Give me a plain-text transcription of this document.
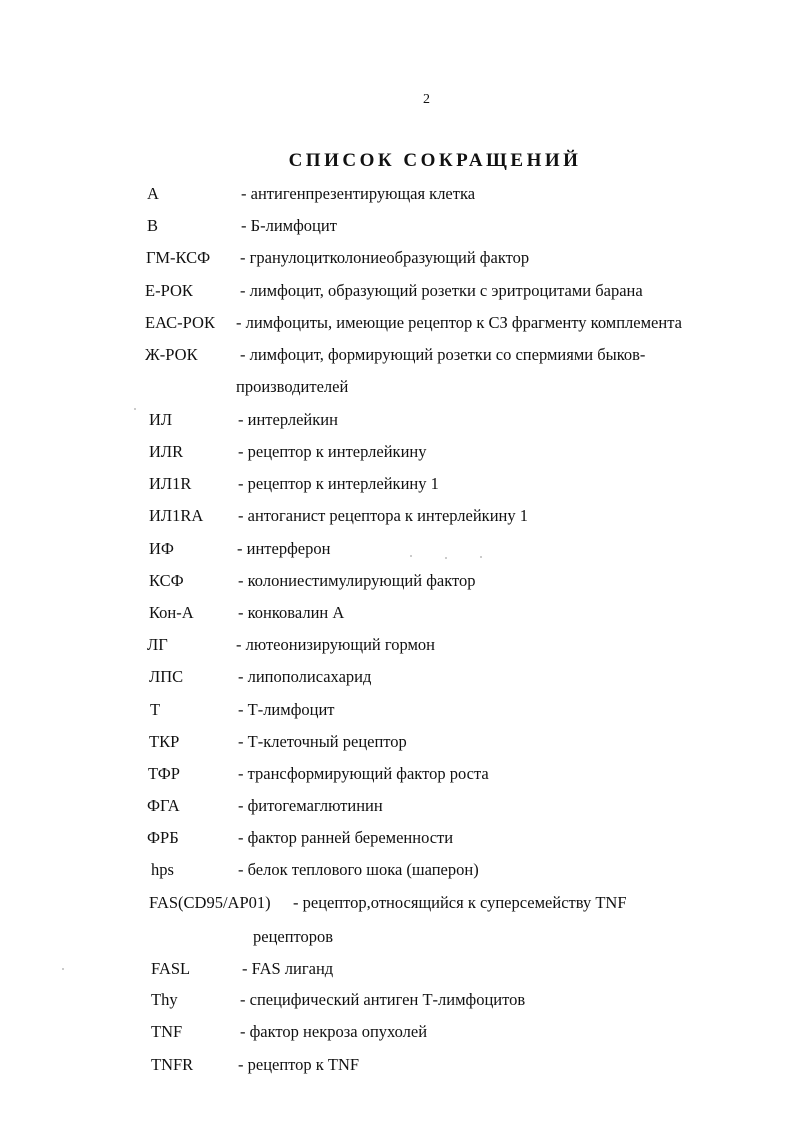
2
СПИСОК СОКРАЩЕНИЙ
А	- антигенпрезентирующая клетка
В	- Б-лимфоцит
ГМ-КСФ - гранулоцитколониеобразующий фактор
Е-РОК	- лимфоцит, образующий розетки с эритроцитами барана
ЕАС-РОК - лимфоциты, имеющие рецептор к СЗ фрагменту комплемента
Ж-РОК	- лимфоцит, формирующий розетки со спермиями быков-
производителей
ИЛ	- интерлейкин
ИЛR	- рецептор к интерлейкину
ИЛ1R	- рецептор к интерлейкину 1
ИЛ1RA - антоганист рецептора к интерлейкину 1
ИФ	- интерферон
КСФ	- колониестимулирующий фактор
Кон-А	- конковалин А
ЛГ	- лютеонизирующий гормон
ЛПС	- липополисахарид
Т	- Т-лимфоцит
ТКР	- Т-клеточный рецептор
ТФР	- трансформирующий фактор роста
ФГА	- фитогемаглютинин
ФРБ	- фактор ранней беременности
hps	- белок теплового шока (шаперон)
FAS(CD95/AP01) - рецептор,относящийся к суперсемейству TNF
рецепторов
FASL	- FAS лиганд
Thy	- специфический антиген Т-лимфоцитов
TNF	- фактор некроза опухолей
TNFR	- рецептор к TNF
